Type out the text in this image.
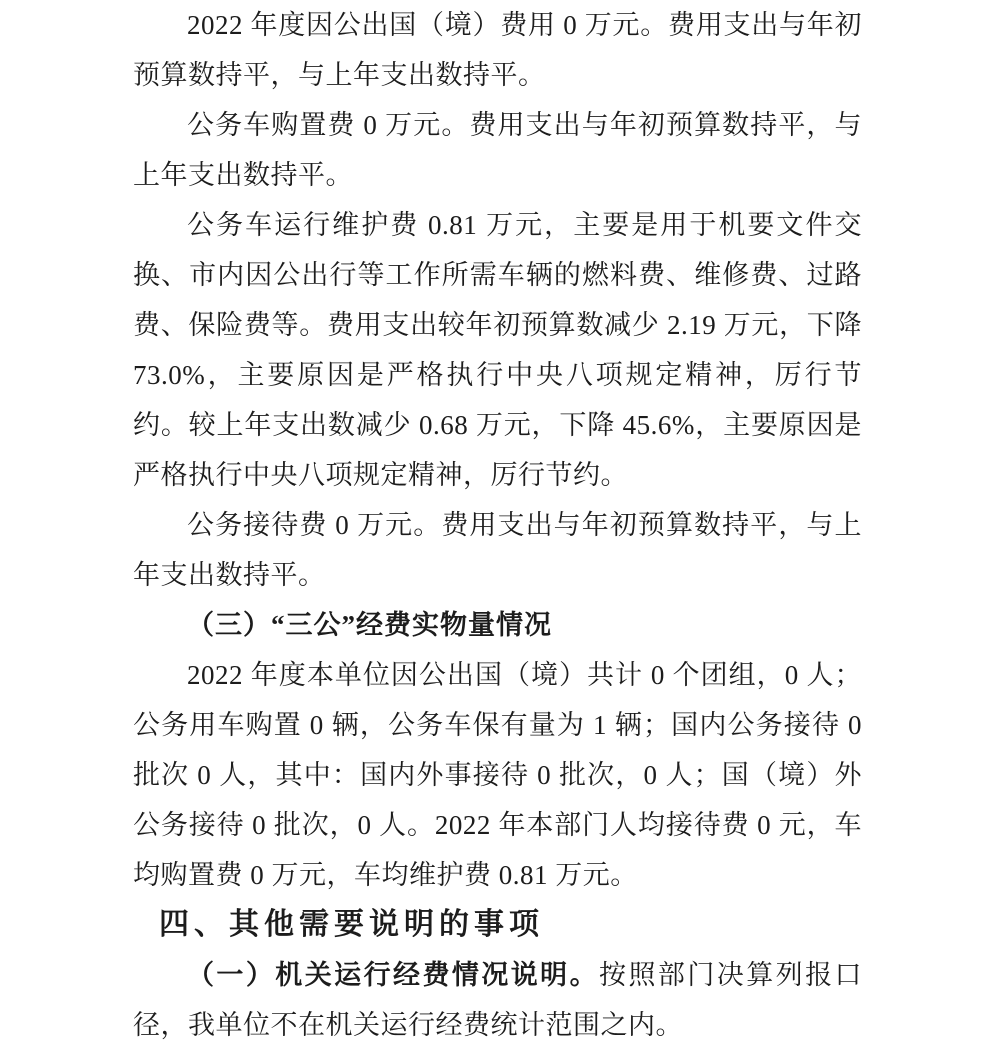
2022 年度因公出国（境）费用 0 万元。费用支出与年初预算数持平，与上年支出数持平。

公务车购置费 0 万元。费用支出与年初预算数持平，与上年支出数持平。

公务车运行维护费 0.81 万元，主要是用于机要文件交换、市内因公出行等工作所需车辆的燃料费、维修费、过路费、保险费等。费用支出较年初预算数减少 2.19 万元，下降 73.0%，主要原因是严格执行中央八项规定精神，厉行节约。较上年支出数减少 0.68 万元，下降 45.6%，主要原因是严格执行中央八项规定精神，厉行节约。

公务接待费 0 万元。费用支出与年初预算数持平，与上年支出数持平。

（三）“三公”经费实物量情况

2022 年度本单位因公出国（境）共计 0 个团组，0 人；公务用车购置 0 辆，公务车保有量为 1 辆；国内公务接待 0 批次 0 人，其中：国内外事接待 0 批次，0 人；国（境）外公务接待 0 批次，0 人。2022 年本部门人均接待费 0 元，车均购置费 0 万元，车均维护费 0.81 万元。

四、其他需要说明的事项

（一）机关运行经费情况说明。按照部门决算列报口径，我单位不在机关运行经费统计范围之内。
